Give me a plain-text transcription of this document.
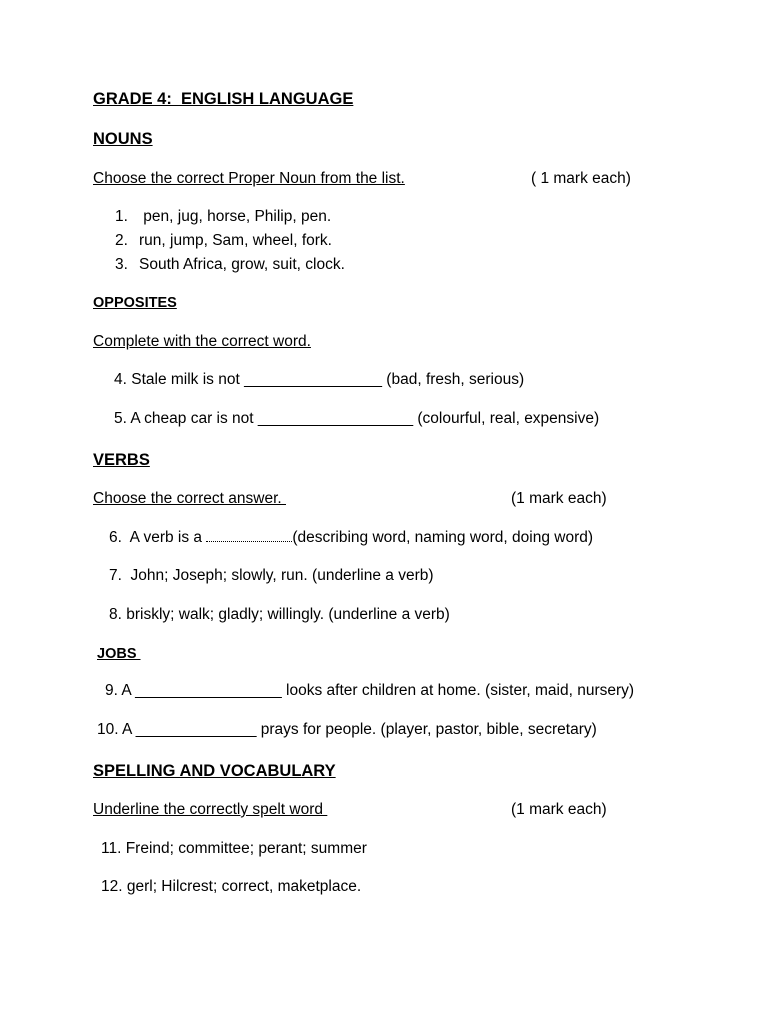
GRADE 4:  ENGLISH LANGUAGE
NOUNS
Choose the correct Proper Noun from the list.	( 1 mark each)
1. pen, jug, horse, Philip, pen.
2. run, jump, Sam, wheel, fork.
3. South Africa, grow, suit, clock.
OPPOSITES
Complete with the correct word.
4. Stale milk is not ________________ (bad, fresh, serious)
5. A cheap car is not __________________ (colourful, real, expensive)
VERBS
Choose the correct answer.	(1 mark each)
6.  A verb is a	(describing word, naming word, doing word)
7.  John; Joseph; slowly, run. (underline a verb)
8. briskly; walk; gladly; willingly. (underline a verb)
JOBS
9. A _________________ looks after children at home. (sister, maid, nursery)
10. A ______________ prays for people. (player, pastor, bible, secretary)
SPELLING AND VOCABULARY
Underline the correctly spelt word	(1 mark each)
11. Freind; committee; perant; summer
12. gerl; Hilcrest; correct, maketplace.
